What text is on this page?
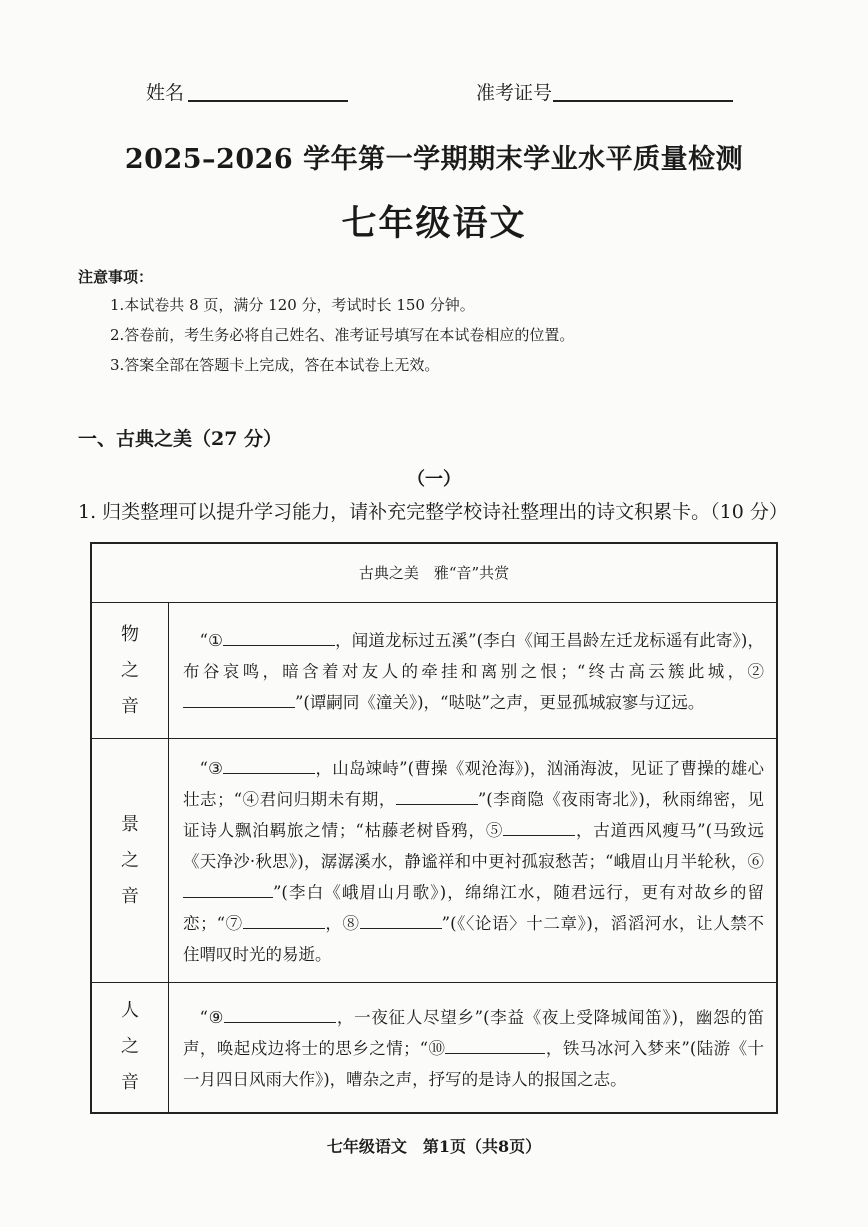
姓名	准考证号
2025–2026 学年第一学期期末学业水平质量检测
七年级语文
注意事项：
1.本试卷共 8 页，满分 120 分，考试时长 150 分钟。
2.答卷前，考生务必将自己姓名、准考证号填写在本试卷相应的位置。
3.答案全部在答题卡上完成，答在本试卷上无效。
一、古典之美（27 分）
（一）
1. 归类整理可以提升学习能力，请补充完整学校诗社整理出的诗文积累卡。（10 分）
古典之美　雅“音”共赏	

物
之
音	“① ，闻道龙标过五溪”(李白《闻王昌龄左迁龙标遥有此寄》)，布谷哀鸣，暗含着对友人的牵挂和离别之恨；“终古高云簇此城，②”(谭嗣同《潼关》)，“哒哒”之声，更显孤城寂寥与辽远。

景
之
音	“③ ，山岛竦峙”(曹操《观沧海》)，汹涌海波，见证了曹操的雄心壮志；“④君问归期未有期， ”(李商隐《夜雨寄北》)，秋雨绵密，见证诗人飘泊羁旅之情；“枯藤老树昏鸦，⑤ ，古道西风瘦马”(马致远《天净沙·秋思》)，潺潺溪水，静谧祥和中更衬孤寂愁苦；“峨眉山月半轮秋，⑥”(李白《峨眉山月歌》)，绵绵江水，随君远行，更有对故乡的留恋；“⑦ ，⑧ ”(《〈论语〉十二章》)，滔滔河水，让人禁不住喟叹时光的易逝。

人
之
音	“⑨ ，一夜征人尽望乡”(李益《夜上受降城闻笛》)，幽怨的笛声，唤起戍边将士的思乡之情；“⑩ ，铁马冰河入梦来”(陆游《十一月四日风雨大作》)，嘈杂之声，抒写的是诗人的报国之志。
七年级语文　第1页（共8页）
